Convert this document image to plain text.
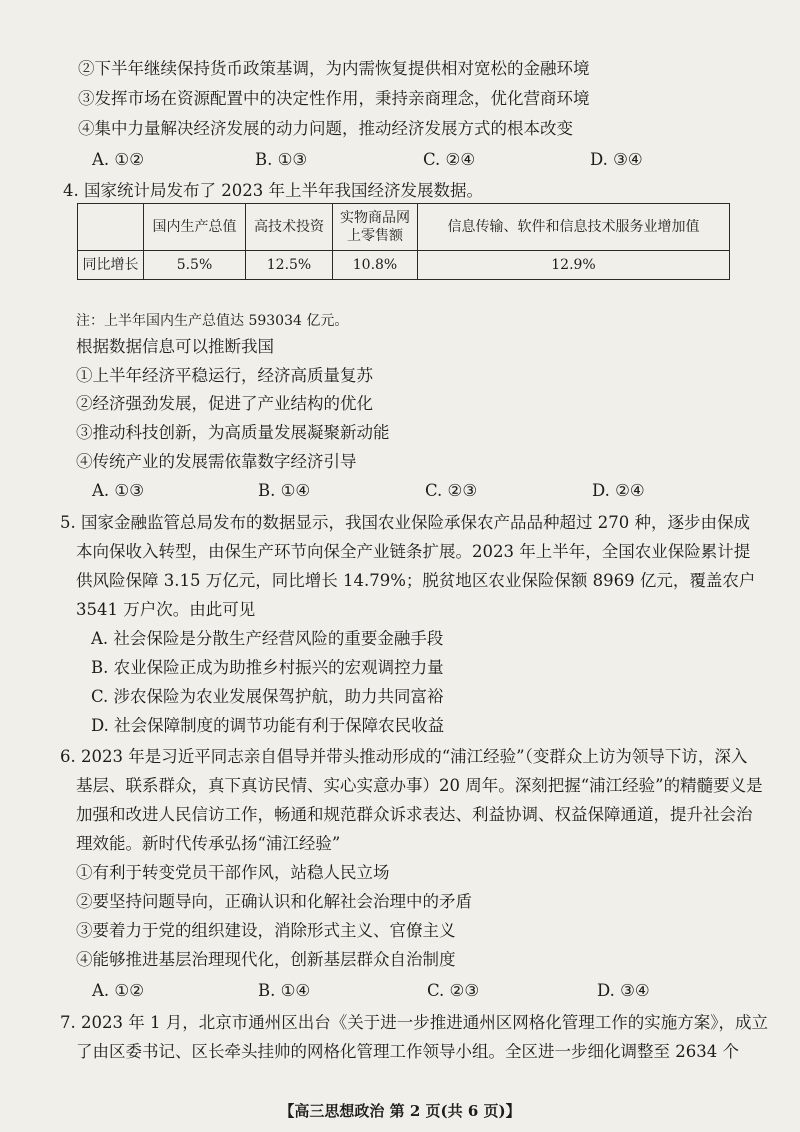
②下半年继续保持货币政策基调，为内需恢复提供相对宽松的金融环境
③发挥市场在资源配置中的决定性作用，秉持亲商理念，优化营商环境
④集中力量解决经济发展的动力问题，推动经济发展方式的根本改变
A. ①②	B. ①③	C. ②④	D. ③④
4. 国家统计局发布了 2023 年上半年我国经济发展数据。
	国内生产总值	高技术投资	实物商品网上零售额	信息传输、软件和信息技术服务业增加值
同比增长	5.5%	12.5%	10.8%	12.9%
注：上半年国内生产总值达 593034 亿元。
根据数据信息可以推断我国
①上半年经济平稳运行，经济高质量复苏
②经济强劲发展，促进了产业结构的优化
③推动科技创新，为高质量发展凝聚新动能
④传统产业的发展需依靠数字经济引导
A. ①③	B. ①④	C. ②③	D. ②④
5. 国家金融监管总局发布的数据显示，我国农业保险承保农产品品种超过 270 种，逐步由保成
本向保收入转型，由保生产环节向保全产业链条扩展。2023 年上半年，全国农业保险累计提
供风险保障 3.15 万亿元，同比增长 14.79%；脱贫地区农业保险保额 8969 亿元，覆盖农户
3541 万户次。由此可见
A. 社会保险是分散生产经营风险的重要金融手段
B. 农业保险正成为助推乡村振兴的宏观调控力量
C. 涉农保险为农业发展保驾护航，助力共同富裕
D. 社会保障制度的调节功能有利于保障农民收益
6. 2023 年是习近平同志亲自倡导并带头推动形成的“浦江经验”（变群众上访为领导下访，深入
基层、联系群众，真下真访民情、实心实意办事）20 周年。深刻把握“浦江经验”的精髓要义是
加强和改进人民信访工作，畅通和规范群众诉求表达、利益协调、权益保障通道，提升社会治
理效能。新时代传承弘扬“浦江经验”
①有利于转变党员干部作风，站稳人民立场
②要坚持问题导向，正确认识和化解社会治理中的矛盾
③要着力于党的组织建设，消除形式主义、官僚主义
④能够推进基层治理现代化，创新基层群众自治制度
A. ①②	B. ①④	C. ②③	D. ③④
7. 2023 年 1 月，北京市通州区出台《关于进一步推进通州区网格化管理工作的实施方案》，成立
了由区委书记、区长牵头挂帅的网格化管理工作领导小组。全区进一步细化调整至 2634 个
【高三思想政治 第 2 页(共 6 页)】
